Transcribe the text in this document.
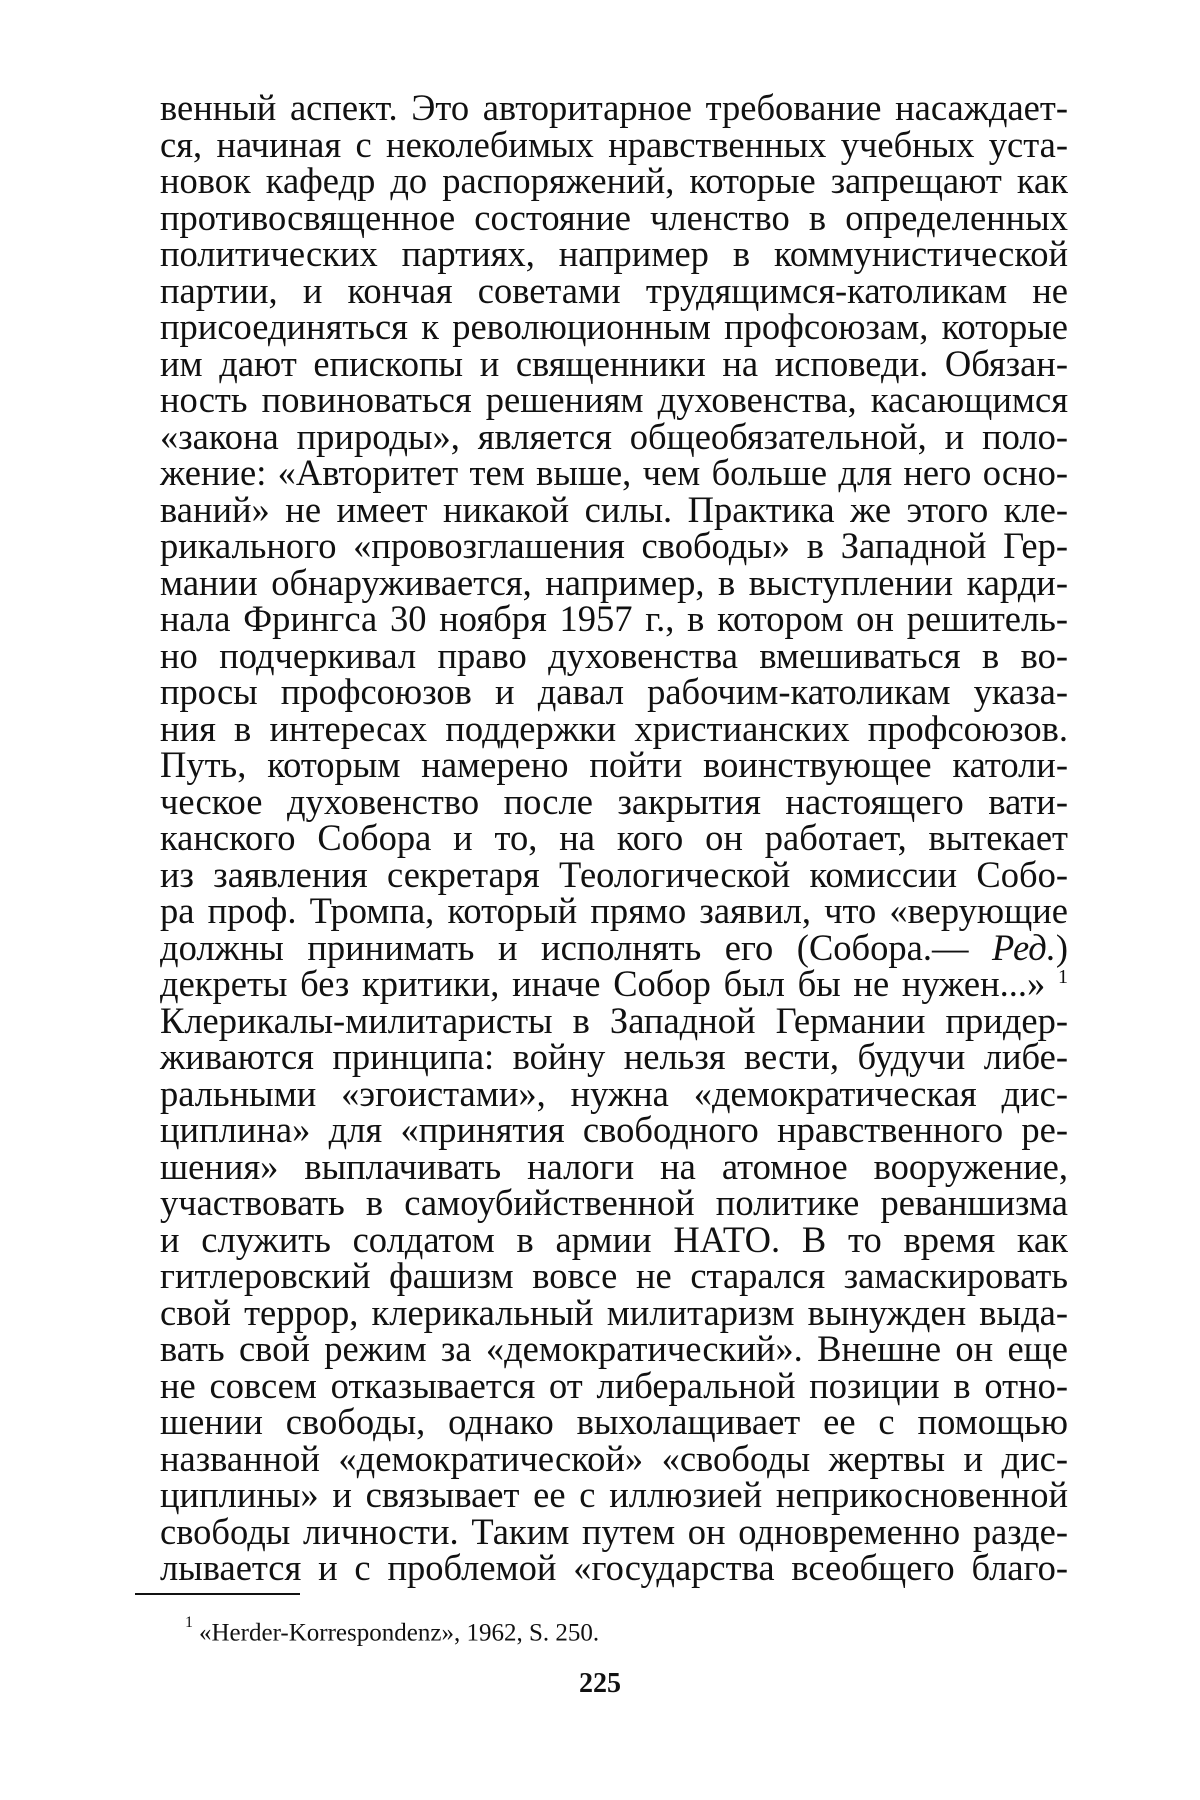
венный аспект. Это авторитарное требование насаждает-
ся, начиная с неколебимых нравственных учебных уста-
новок кафедр до распоряжений, которые запрещают как
противосвященное состояние членство в определенных
политических партиях, например в коммунистической
партии, и кончая советами трудящимся-католикам не
присоединяться к революционным профсоюзам, которые
им дают епископы и священники на исповеди. Обязан-
ность повиноваться решениям духовенства, касающимся
«закона природы», является общеобязательной, и поло-
жение: «Авторитет тем выше, чем больше для него осно-
ваний» не имеет никакой силы. Практика же этого кле-
рикального «провозглашения свободы» в Западной Гер-
мании обнаруживается, например, в выступлении карди-
нала Фрингса 30 ноября 1957 г., в котором он решитель-
но подчеркивал право духовенства вмешиваться в во-
просы профсоюзов и давал рабочим-католикам указа-
ния в интересах поддержки христианских профсоюзов.
Путь, которым намерено пойти воинствующее католи-
ческое духовенство после закрытия настоящего вати-
канского Собора и то, на кого он работает, вытекает
из заявления секретаря Теологической комиссии Собо-
ра проф. Тромпа, который прямо заявил, что «верующие
должны принимать и исполнять его (Собора.— Ред.)
декреты без критики, иначе Собор был бы не нужен...» $^1$
Клерикалы-милитаристы в Западной Германии придер-
живаются принципа: войну нельзя вести, будучи либе-
ральными «эгоистами», нужна «демократическая дис-
циплина» для «принятия свободного нравственного ре-
шения» выплачивать налоги на атомное вооружение,
участвовать в самоубийственной политике реваншизма
и служить солдатом в армии НАТО. В то время как
гитлеровский фашизм вовсе не старался замаскировать
свой террор, клерикальный милитаризм вынужден выда-
вать свой режим за «демократический». Внешне он еще
не совсем отказывается от либеральной позиции в отно-
шении свободы, однако выхолащивает ее с помощью
названной «демократической» «свободы жертвы и дис-
циплины» и связывает ее с иллюзией неприкосновенной
свободы личности. Таким путем он одновременно разде-
лывается и с проблемой «государства всеобщего благо-
$^1$ «Herder-Korrespondenz», 1962, S. 250.
225
